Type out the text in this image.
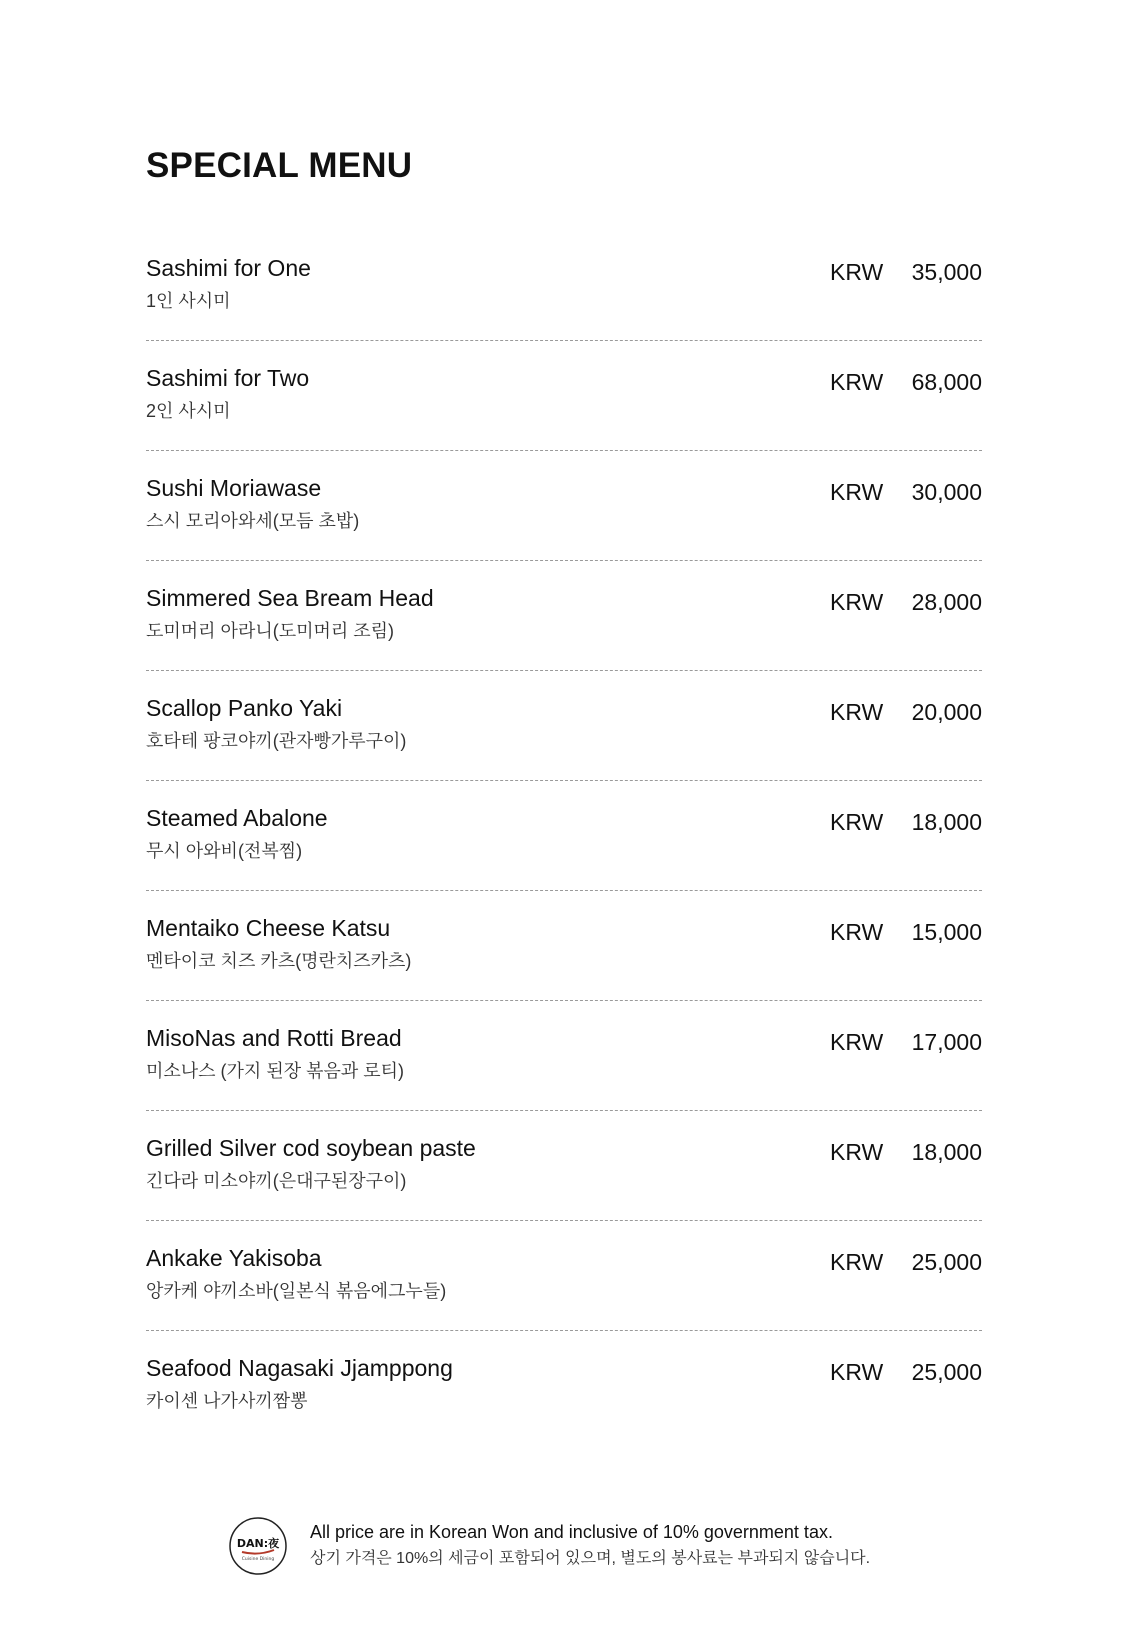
SPECIAL MENU
Sashimi for One
1인 사시미
KRW 35,000
Sashimi for Two
2인 사시미
KRW 68,000
Sushi Moriawase
스시 모리아와세(모듬 초밥)
KRW 30,000
Simmered Sea Bream Head
도미머리 아라니(도미머리 조림)
KRW 28,000
Scallop Panko Yaki
호타테 팡코야끼(관자빵가루구이)
KRW 20,000
Steamed Abalone
무시 아와비(전복찜)
KRW 18,000
Mentaiko Cheese Katsu
멘타이코 치즈 카츠(명란치즈카츠)
KRW 15,000
MisoNas and Rotti Bread
미소나스 (가지 된장 볶음과 로티)
KRW 17,000
Grilled Silver cod soybean paste
긴다라 미소야끼(은대구된장구이)
KRW 18,000
Ankake Yakisoba
앙카케 야끼소바(일본식 볶음에그누들)
KRW 25,000
Seafood Nagasaki Jjamppong
카이센 나가사끼짬뽕
KRW 25,000
DAN:夜
Cuisine Dining
All price are in Korean Won and inclusive of 10% government tax.
상기 가격은 10%의 세금이 포함되어 있으며, 별도의 봉사료는 부과되지 않습니다.
